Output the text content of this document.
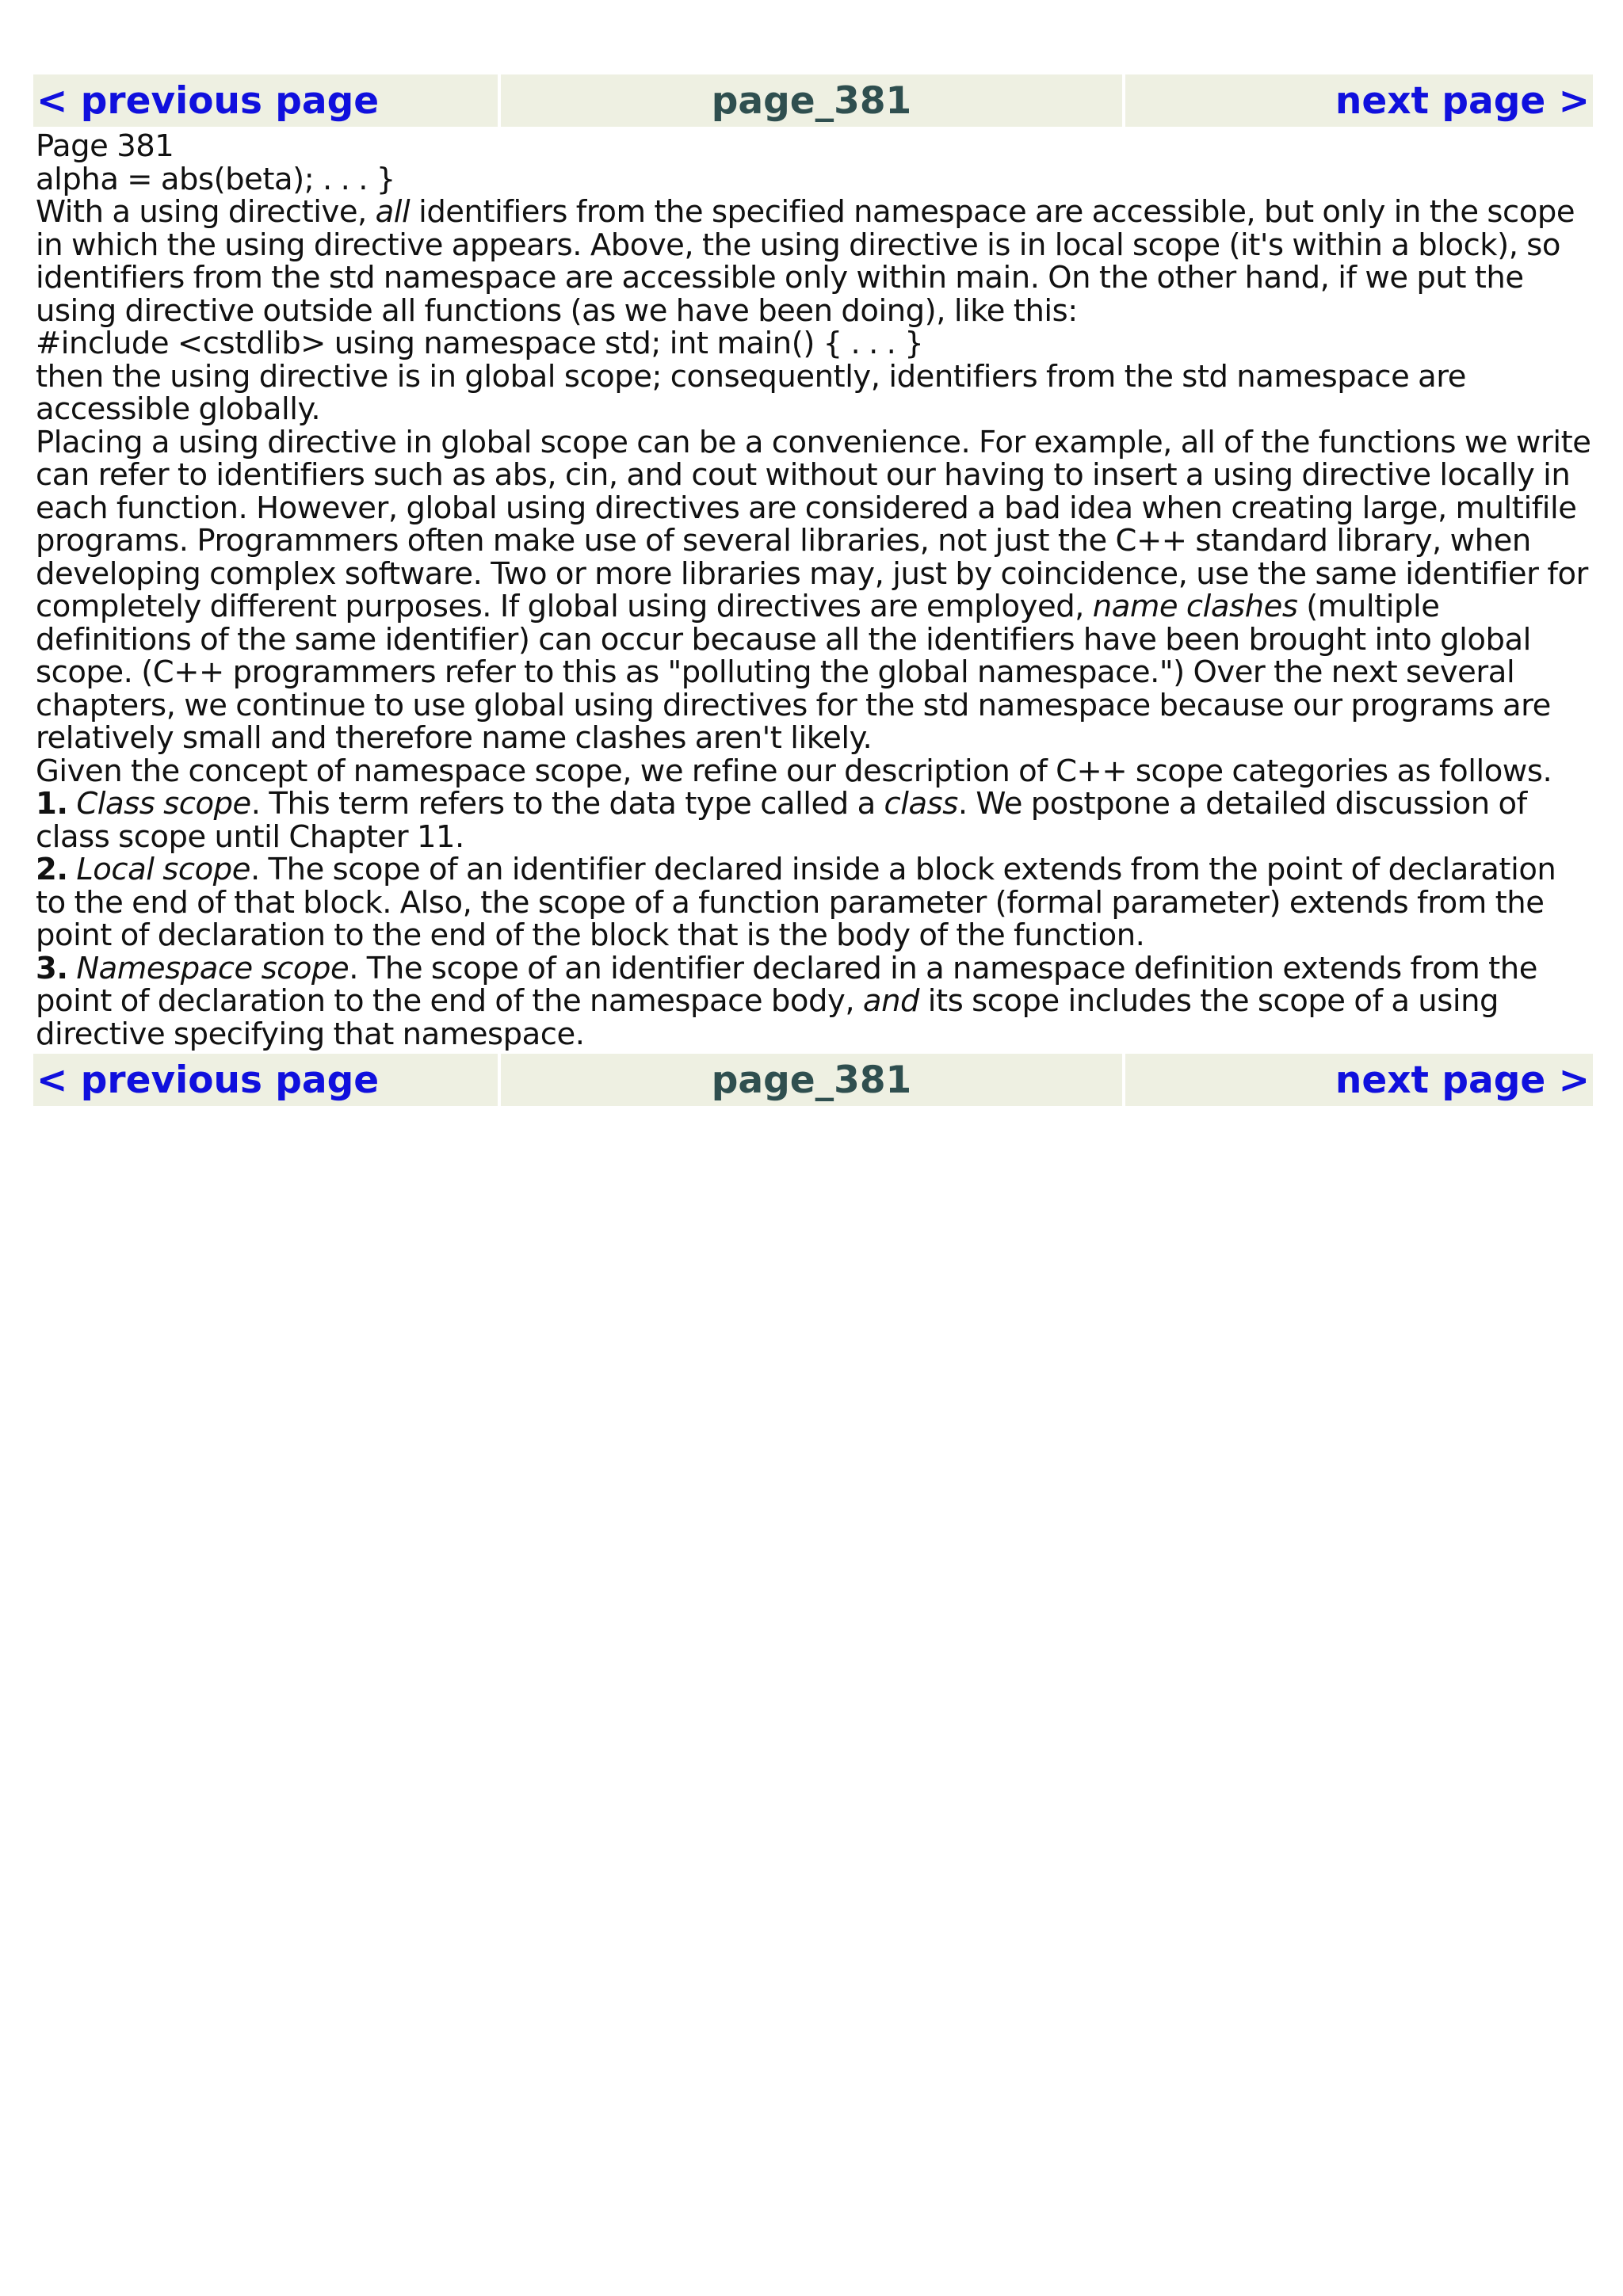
< previous page	page_381	next page >

Page 381

alpha = abs(beta); . . . }

With a using directive, all identifiers from the specified namespace are accessible, but only in the scope in which the using directive appears. Above, the using directive is in local scope (it's within a block), so identifiers from the std namespace are accessible only within main. On the other hand, if we put the using directive outside all functions (as we have been doing), like this:

#include <cstdlib> using namespace std; int main() { . . . }

then the using directive is in global scope; consequently, identifiers from the std namespace are accessible globally.

Placing a using directive in global scope can be a convenience. For example, all of the functions we write can refer to identifiers such as abs, cin, and cout without our having to insert a using directive locally in each function. However, global using directives are considered a bad idea when creating large, multifile programs. Programmers often make use of several libraries, not just the C++ standard library, when developing complex software. Two or more libraries may, just by coincidence, use the same identifier for completely different purposes. If global using directives are employed, name clashes (multiple definitions of the same identifier) can occur because all the identifiers have been brought into global scope. (C++ programmers refer to this as "polluting the global namespace.") Over the next several chapters, we continue to use global using directives for the std namespace because our programs are relatively small and therefore name clashes aren't likely.

Given the concept of namespace scope, we refine our description of C++ scope categories as follows.

1. Class scope. This term refers to the data type called a class. We postpone a detailed discussion of class scope until Chapter 11.

2. Local scope. The scope of an identifier declared inside a block extends from the point of declaration to the end of that block. Also, the scope of a function parameter (formal parameter) extends from the point of declaration to the end of the block that is the body of the function.

3. Namespace scope. The scope of an identifier declared in a namespace definition extends from the point of declaration to the end of the namespace body, and its scope includes the scope of a using directive specifying that namespace.

< previous page	page_381	next page >
